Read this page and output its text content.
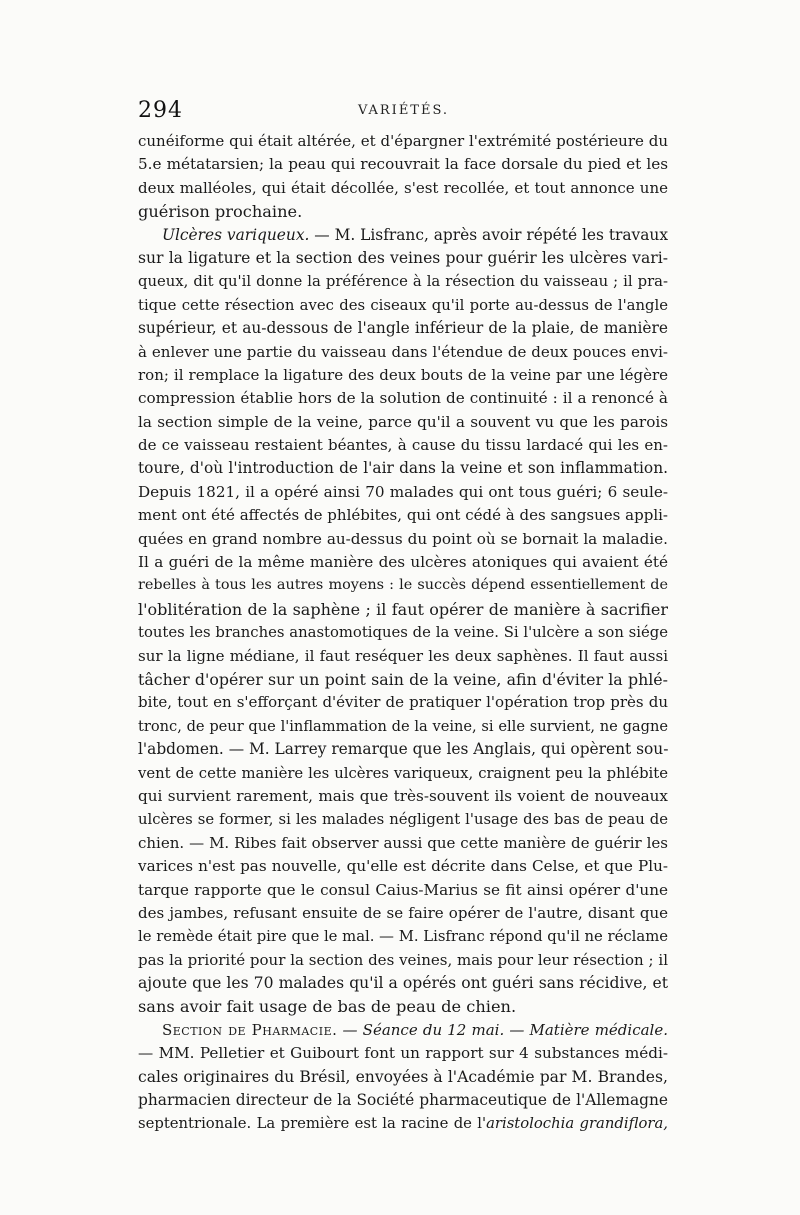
294	VARIÉTÉS.
cunéiforme qui était altérée, et d'épargner l'extrémité postérieure du
5.e métatarsien; la peau qui recouvrait la face dorsale du pied et les
deux malléoles, qui était décollée, s'est recollée, et tout annonce une
guérison prochaine.
Ulcères variqueux. — M. Lisfranc, après avoir répété les travaux
sur la ligature et la section des veines pour guérir les ulcères vari-
queux, dit qu'il donne la préférence à la résection du vaisseau ; il pra-
tique cette résection avec des ciseaux qu'il porte au-dessus de l'angle
supérieur, et au-dessous de l'angle inférieur de la plaie, de manière
à enlever une partie du vaisseau dans l'étendue de deux pouces envi-
ron; il remplace la ligature des deux bouts de la veine par une légère
compression établie hors de la solution de continuité : il a renoncé à
la section simple de la veine, parce qu'il a souvent vu que les parois
de ce vaisseau restaient béantes, à cause du tissu lardacé qui les en-
toure, d'où l'introduction de l'air dans la veine et son inflammation.
Depuis 1821, il a opéré ainsi 70 malades qui ont tous guéri; 6 seule-
ment ont été affectés de phlébites, qui ont cédé à des sangsues appli-
quées en grand nombre au-dessus du point où se bornait la maladie.
Il a guéri de la même manière des ulcères atoniques qui avaient été
rebelles à tous les autres moyens : le succès dépend essentiellement de
l'oblitération de la saphène ; il faut opérer de manière à sacrifier
toutes les branches anastomotiques de la veine. Si l'ulcère a son siége
sur la ligne médiane, il faut reséquer les deux saphènes. Il faut aussi
tâcher d'opérer sur un point sain de la veine, afin d'éviter la phlé-
bite, tout en s'efforçant d'éviter de pratiquer l'opération trop près du
tronc, de peur que l'inflammation de la veine, si elle survient, ne gagne
l'abdomen. — M. Larrey remarque que les Anglais, qui opèrent sou-
vent de cette manière les ulcères variqueux, craignent peu la phlébite
qui survient rarement, mais que très-souvent ils voient de nouveaux
ulcères se former, si les malades négligent l'usage des bas de peau de
chien. — M. Ribes fait observer aussi que cette manière de guérir les
varices n'est pas nouvelle, qu'elle est décrite dans Celse, et que Plu-
tarque rapporte que le consul Caius-Marius se fit ainsi opérer d'une
des jambes, refusant ensuite de se faire opérer de l'autre, disant que
le remède était pire que le mal. — M. Lisfranc répond qu'il ne réclame
pas la priorité pour la section des veines, mais pour leur résection ; il
ajoute que les 70 malades qu'il a opérés ont guéri sans récidive, et
sans avoir fait usage de bas de peau de chien.
Section de Pharmacie. — Séance du 12 mai. — Matière médicale.
— MM. Pelletier et Guibourt font un rapport sur 4 substances médi-
cales originaires du Brésil, envoyées à l'Académie par M. Brandes,
pharmacien directeur de la Société pharmaceutique de l'Allemagne
septentrionale. La première est la racine de l'aristolochia grandiflora,
